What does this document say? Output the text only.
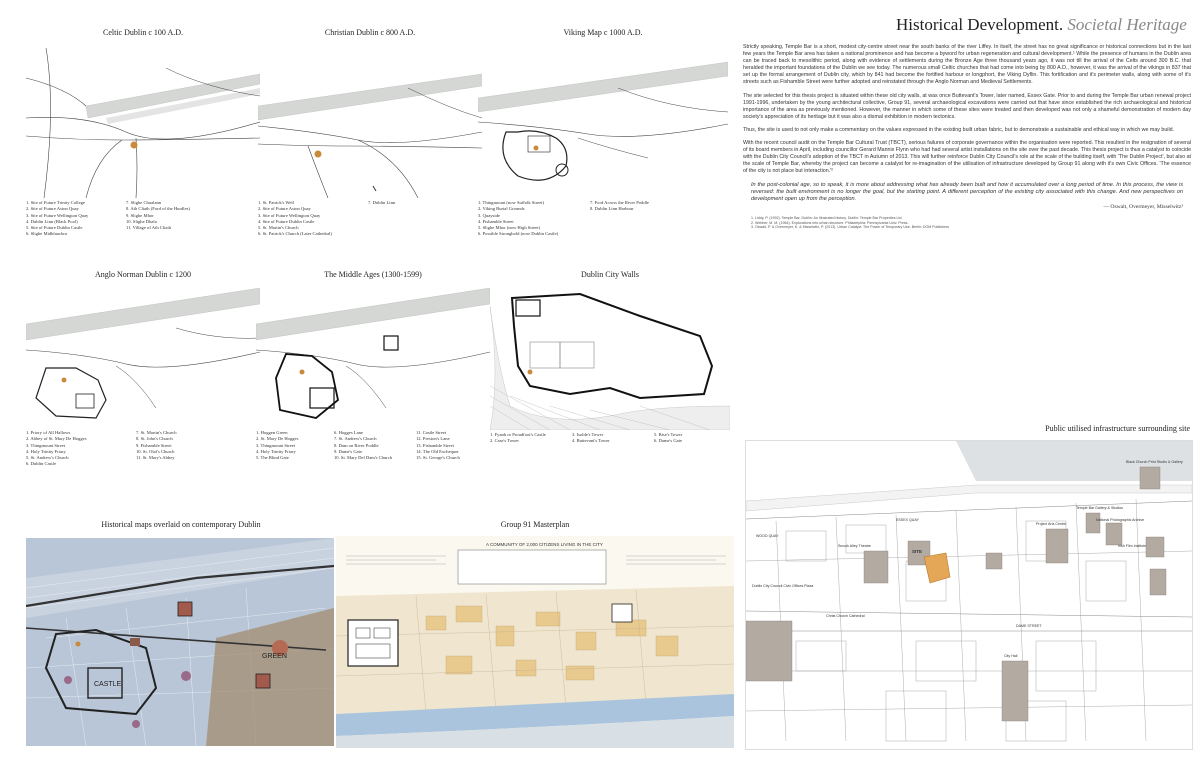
Celtic Dublin c 100 A.D.
1. Site of Future Trinity College
2. Site of Future Aston Quay
3. Site of Future Wellington Quay
4. Dublin Linn (Black Pool)
5. Site of Future Dublin Castle
6. Slighe Midhluachra
7. Slighe Chualann
8. Ath Cliath (Ford of the Hurdles)
9. Slighe Mhor
10. Slighe Dhala
11. Village of Ath Cliath
Christian Dublin c 800 A.D.
1. St. Patrick's Well
2. Site of Future Aston Quay
3. Site of Future Wellington Quay
4. Site of Future Dublin Castle
5. St. Martin's Church
6. St. Patrick's Church (Later Cathedral)
7. Dublin Linn
Viking Map c 1000 A.D.
1. Thingmount (now Suffolk Street)
2. Viking Burial Grounds
3. Quayside
4. Fishamble Street
5. Slighe Mhor (now High Street)
6. Possible Stronghold (now Dublin Castle)
7. Ford Across the River Poddle
8. Dublin Linn Harbour
Anglo Norman Dublin c 1200
1. Priory of All Hallows
2. Abbey of St. Mary De Hogges
3. Thingmount Street
4. Holy Trinity Friary
5. St. Andrew's Church
6. Dublin Castle
7. St. Martin's Church
8. St. John's Church
9. Fishamble Street
10. St. Olaf's Church
11. St. Mary's Abbey
The Middle Ages (1300-1599)
1. Hoggen Green
2. St. Mary De Hogges
3. Thingmount Street
4. Holy Trinity Friary
5. The Blind Gate
6. Hogges Lane
7. St. Andrew's Church
8. Dam on River Poddle
9. Dame's Gate
10. St. Mary Del Dam's Church
11. Castle Street
12. Preston's Lane
13. Fishamble Street
14. The Old Exchequer
15. St. George's Church
Dublin City Walls
1. Fyanh or Proudfoot's Castle
2. Case's Tower
3. Isolde's Tower
4. Buttevant's Tower
5. Bise's Tower
6. Dame's Gate
Historical Development. Societal Heritage

Strictly speaking, Temple Bar is a short, modest city-centre street near the south banks of the river Liffey. In itself, the street has no great significance or historical connections but in the last few years the Temple Bar area has taken a national prominence and has become a byword for urban regeneration and cultural development.¹ While the presence of humans in the Dublin area can be traced back to mesolithic period, along with evidence of settlements during the Bronze Age three thousand years ago, it was not till the arrival of the Celts around 300 B.C. that heralded the important foundations of the Dublin we see today. The numerous small Celtic churches that had come into being by 800 A.D., however, it was the arrival of the vikings in 837 that set up the formal arrangement of Dublin city, which by 841 had become the fortified harbour or longphort, the Viking Dyflin. This fortification and it's perimeter walls, along with some of it's streets such as Fishamble Street were further adopted and reinstated through the Anglo Norman and Medieval Settlements.

The site selected for this thesis project is situated within these old city walls, at was once Buttevant's Tower, later named, Essex Gate. Prior to and during the Temple Bar urban renewal project 1991-1996, undertaken by the young architectural collective, Group 91, several archaeological excavations were carried out that have since established the rich archaeological and historical importance of the area as previously mentioned. However, the manner in which some of these sites were treated and then developed was not only a shameful demonstration of modern day society's appreciation of its heritage but it was also a dismal exhibition in modern tectonics.

Thus, the site is used to not only make a commentary on the values expressed in the existing built urban fabric, but to demonstrate a sustainable and ethical way in which we may build.

With the recent council audit on the Temple Bar Cultural Trust (TBCT), serious failures of corporate governance within the organisation were reported. This resulted in the resignation of several of its board members in April, including councillor Gerard Mannix Flynn who had had several artist installations on the site over the past decade. This thesis project is thus a catalyst to coincide with the Dublin City Council's adoption of the TBCT in Autumn of 2013. This will further reinforce Dublin City Council's role at the scale of the building itself, with 'The Dublin Project', but also at the scale of Temple Bar, whereby the project can become a catalyst for re-imagination of the utilisation of infrastructure developed by Group 91 along with it's own Civic Offices. 'The essence of the city is not place but interaction.'²

In the post-colonial age, so to speak, it is more about addressing what has already been built and how it accumulated over a long period of time. In this process, the view is reversed: the built environment is no longer the goal, but the starting point. A different perception of the existing city associated with this change. And new perspectives on development open up from the perception.
— Oswalt, Overmeyer, Misselwitz³
1. Liddy, P. (1992). Temple Bar, Dublin: An Illustrated history. Dublin: Temple Bar Properties Ltd.
2. Webber, M. M. (1964). Explorations into urban structure. Philadelphia: Pennsylvania Univ. Press.
3. Oswalt, P. & Overmeyer, K. & Misselwitz, P. (2013). Urban Catalyst: The Power of Temporary Use. Berlin: DOM Publishers
Historical maps overlaid on contemporary Dublin
CASTLE
GREEN
Group 91 Masterplan
A COMMUNITY OF 2,000 CITIZENS LIVING IN THE CITY
Public utilised infrastructure surrounding site
SITE
ESSEX QUAY
WOOD QUAY
DAME STREET
Black Church Print Studio & Gallery
Temple Bar Gallery & Studios
National Photographic Archive
Project Arts Centre
Smock Alley Theatre
Dublin City Council Civic Offices Plaza
Christ Church Cathedral
City Hall
Irish Film Institute
